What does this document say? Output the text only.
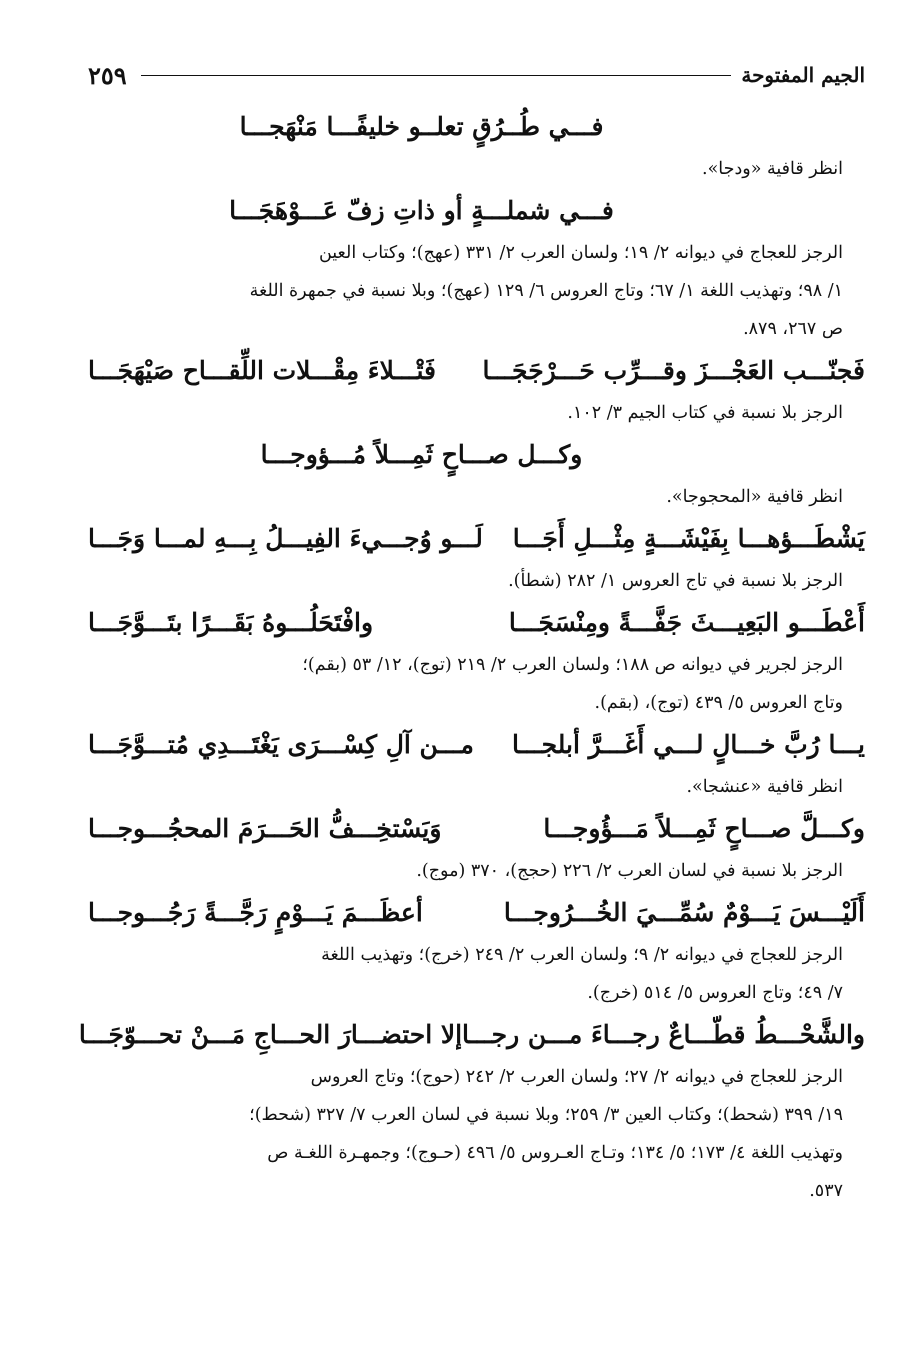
الجيم المفتوحة
٢٥٩
فـــي طُــرُقٍ تعلــو خليفًـــا مَنْهَجـــا

انظر قافية «ودجا».

فـــي شملـــةٍ أو ذاتِ زفّ عَـــوْهَجَـــا

الرجز للعجاج في ديوانه ٢/ ١٩؛ ولسان العرب ٢/ ٣٣١ (عهج)؛ وكتاب العين

١/ ٩٨؛ وتهذيب اللغة ١/ ٦٧؛ وتاج العروس ٦/ ١٢٩ (عهج)؛ وبلا نسبة في جمهرة اللغة

ص ٢٦٧، ٨٧٩.

فَجنّـــب العَجْـــزَ وقـــرِّب حَـــرْجَجَـــا
فَتْـــلاءَ مِقْـــلات اللِّقـــاح صَيْهَجَـــا

الرجز بلا نسبة في كتاب الجيم ٣/ ١٠٢.

وكـــل صـــاحٍ ثَمِـــلاً مُـــؤوجـــا

انظر قافية «المحجوجا».

يَشْطَـــؤهـــا بِفَيْشَـــةٍ مِثْـــلِ أَجَـــا
لَـــو وُجـــيءَ الفِيـــلُ بِـــهِ لمـــا وَجَـــا

الرجز بلا نسبة في تاج العروس ١/ ٢٨٢ (شطأ).

أَعْطَـــو البَعِيـــثَ جَفَّـــةً ومِنْسَجَـــا
وافْتَحَلُـــوهُ بَقَـــرًا بتَـــوَّجَـــا

الرجز لجرير في ديوانه ص ١٨٨؛ ولسان العرب ٢/ ٢١٩ (توج)، ١٢/ ٥٣ (بقم)؛

وتاج العروس ٥/ ٤٣٩ (توج)، (بقم).

يـــا رُبَّ خـــالٍ لـــي أَغَـــرَّ أبلجـــا
مـــن آلِ كِسْـــرَى يَغْتَـــدِي مُتـــوَّجَـــا

انظر قافية «عنشجا».

وكـــلَّ صـــاحٍ ثَمِـــلاً مَـــؤُوجـــا
وَيَسْتخِـــفُّ الحَـــرَمَ المحجُـــوجـــا

الرجز بلا نسبة في لسان العرب ٢/ ٢٢٦ (حجج)، ٣٧٠ (موج).

أَلَيْـــسَ يَـــوْمٌ سُمِّـــيَ الخُـــرُوجـــا
أعظَـــمَ يَـــوْمٍ رَجَّـــةً رَجُـــوجـــا

الرجز للعجاج في ديوانه ٢/ ٩؛ ولسان العرب ٢/ ٢٤٩ (خرج)؛ وتهذيب اللغة

٧/ ٤٩؛ وتاج العروس ٥/ ٥١٤ (خرج).

والشَّحْـــطُ قطّـــاعٌ رجـــاءَ مـــن رجـــا
إلا احتضـــارَ الحـــاجِ مَـــنْ تحـــوّجَـــا

الرجز للعجاج في ديوانه ٢/ ٢٧؛ ولسان العرب ٢/ ٢٤٢ (حوج)؛ وتاج العروس

١٩/ ٣٩٩ (شحط)؛ وكتاب العين ٣/ ٢٥٩؛ وبلا نسبة في لسان العرب ٧/ ٣٢٧ (شحط)؛

وتهذيب اللغة ٤/ ١٧٣؛ ٥/ ١٣٤؛ وتـاج العـروس ٥/ ٤٩٦ (حـوج)؛ وجمهـرة اللغـة ص

٥٣٧.
